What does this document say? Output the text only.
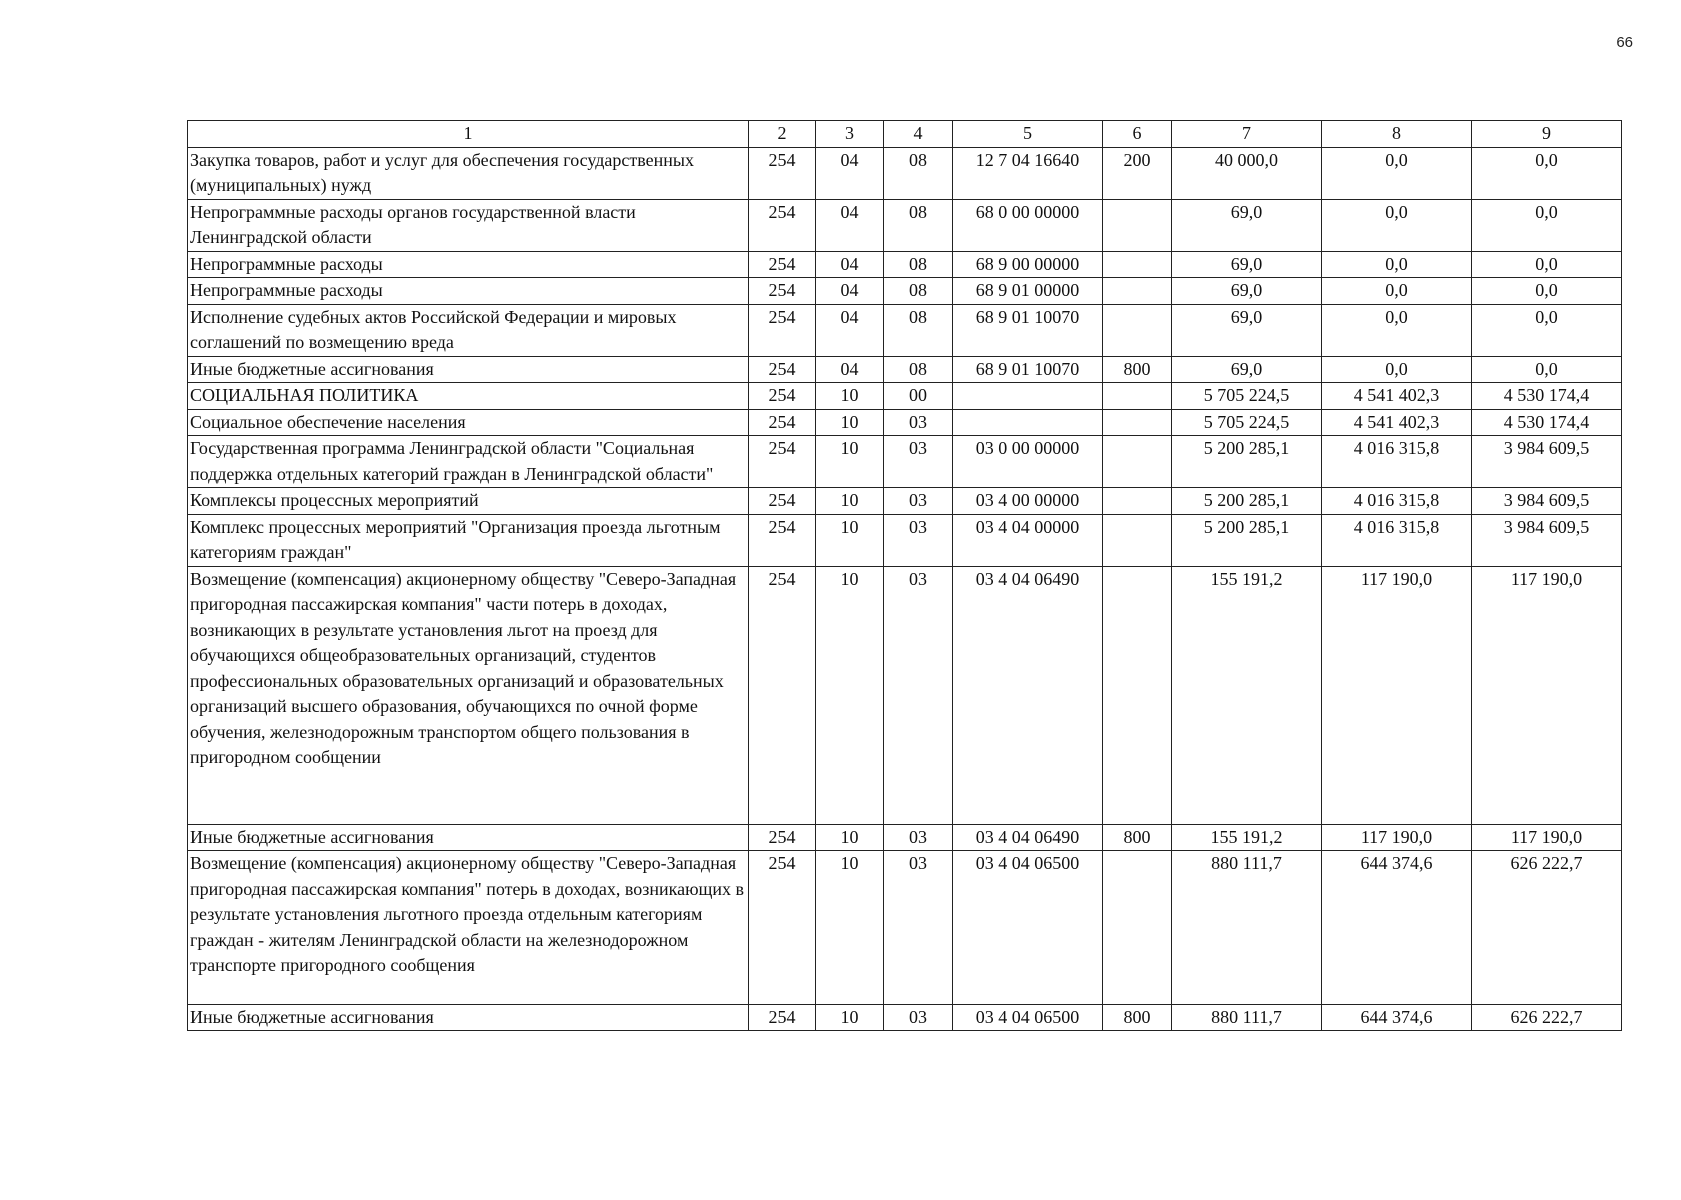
66
1	2	3	4	5	6	7	8	9
Закупка товаров, работ и услуг для обеспечения государственных (муниципальных) нужд	254	04	08	12 7 04 16640	200	40 000,0	0,0	0,0
Непрограммные расходы органов государственной власти Ленинградской области	254	04	08	68 0 00 00000		69,0	0,0	0,0
Непрограммные расходы	254	04	08	68 9 00 00000		69,0	0,0	0,0
Непрограммные расходы	254	04	08	68 9 01 00000		69,0	0,0	0,0
Исполнение судебных актов Российской Федерации и мировых соглашений по возмещению вреда	254	04	08	68 9 01 10070		69,0	0,0	0,0
Иные бюджетные ассигнования	254	04	08	68 9 01 10070	800	69,0	0,0	0,0
СОЦИАЛЬНАЯ ПОЛИТИКА	254	10	00			5 705 224,5	4 541 402,3	4 530 174,4
Социальное обеспечение населения	254	10	03			5 705 224,5	4 541 402,3	4 530 174,4
Государственная программа Ленинградской области "Социальная поддержка отдельных категорий граждан в Ленинградской области"	254	10	03	03 0 00 00000		5 200 285,1	4 016 315,8	3 984 609,5
Комплексы процессных мероприятий	254	10	03	03 4 00 00000		5 200 285,1	4 016 315,8	3 984 609,5
Комплекс процессных мероприятий "Организация проезда льготным категориям граждан"	254	10	03	03 4 04 00000		5 200 285,1	4 016 315,8	3 984 609,5
Возмещение (компенсация) акционерному обществу "Северо-Западная пригородная пассажирская компания" части потерь в доходах, возникающих в результате установления льгот на проезд для обучающихся общеобразовательных организаций, студентов профессиональных образовательных организаций и образовательных организаций высшего образования, обучающихся по очной форме обучения, железнодорожным транспортом общего пользования в пригородном сообщении	254	10	03	03 4 04 06490		155 191,2	117 190,0	117 190,0
Иные бюджетные ассигнования	254	10	03	03 4 04 06490	800	155 191,2	117 190,0	117 190,0
Возмещение (компенсация) акционерному обществу "Северо-Западная пригородная пассажирская компания" потерь в доходах, возникающих в результате установления льготного проезда отдельным категориям граждан - жителям Ленинградской области на железнодорожном транспорте пригородного сообщения	254	10	03	03 4 04 06500		880 111,7	644 374,6	626 222,7
Иные бюджетные ассигнования	254	10	03	03 4 04 06500	800	880 111,7	644 374,6	626 222,7
